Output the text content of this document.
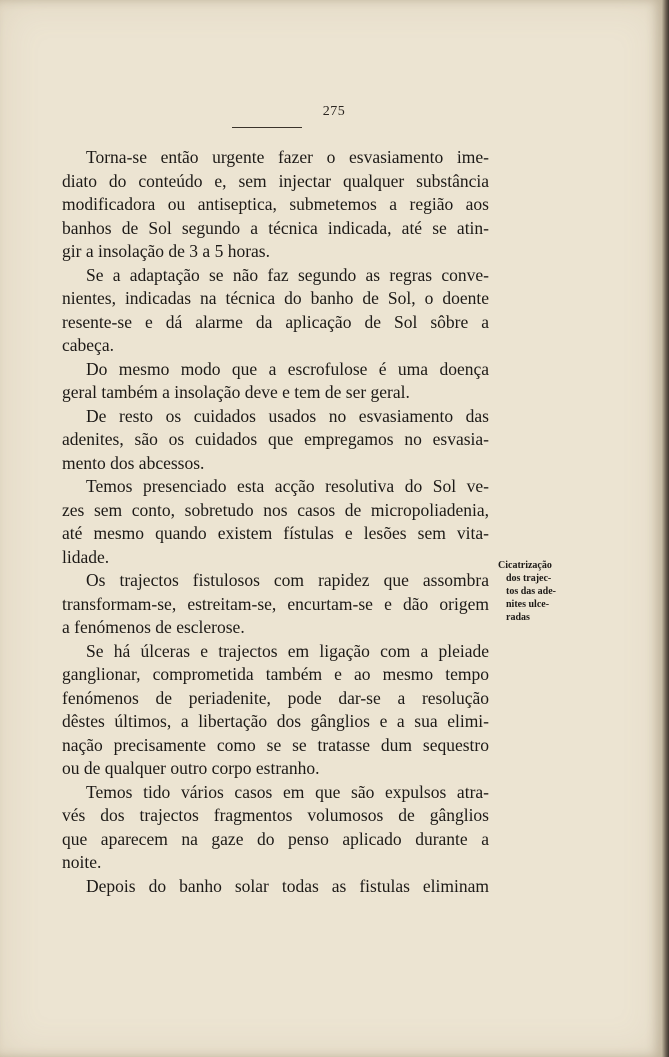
275
Torna-se então urgente fazer o esvasiamento ime-
diato do conteúdo e, sem injectar qualquer substância
modificadora ou antiseptica, submetemos a região aos
banhos de Sol segundo a técnica indicada, até se atin-
gir a insolação de 3 a 5 horas.
Se a adaptação se não faz segundo as regras conve-
nientes, indicadas na técnica do banho de Sol, o doente
resente-se e dá alarme da aplicação de Sol sôbre a
cabeça.
Do mesmo modo que a escrofulose é uma doença
geral também a insolação deve e tem de ser geral.
De resto os cuidados usados no esvasiamento das
adenites, são os cuidados que empregamos no esvasia-
mento dos abcessos.
Temos presenciado esta acção resolutiva do Sol ve-
zes sem conto, sobretudo nos casos de micropoliadenia,
até mesmo quando existem fístulas e lesões sem vita-
lidade.
Os trajectos fistulosos com rapidez que assombra
transformam-se, estreitam-se, encurtam-se e dão origem
a fenómenos de esclerose.
Se há úlceras e trajectos em ligação com a pleiade
ganglionar, comprometida também e ao mesmo tempo
fenómenos de periadenite, pode dar-se a resolução
dêstes últimos, a libertação dos gânglios e a sua elimi-
nação precisamente como se se tratasse dum sequestro
ou de qualquer outro corpo estranho.
Temos tido vários casos em que são expulsos atra-
vés dos trajectos fragmentos volumosos de gânglios
que aparecem na gaze do penso aplicado durante a
noite.
Depois do banho solar todas as fistulas eliminam
Cicatrização
dos trajec-
tos das ade-
nites ulce-
radas
